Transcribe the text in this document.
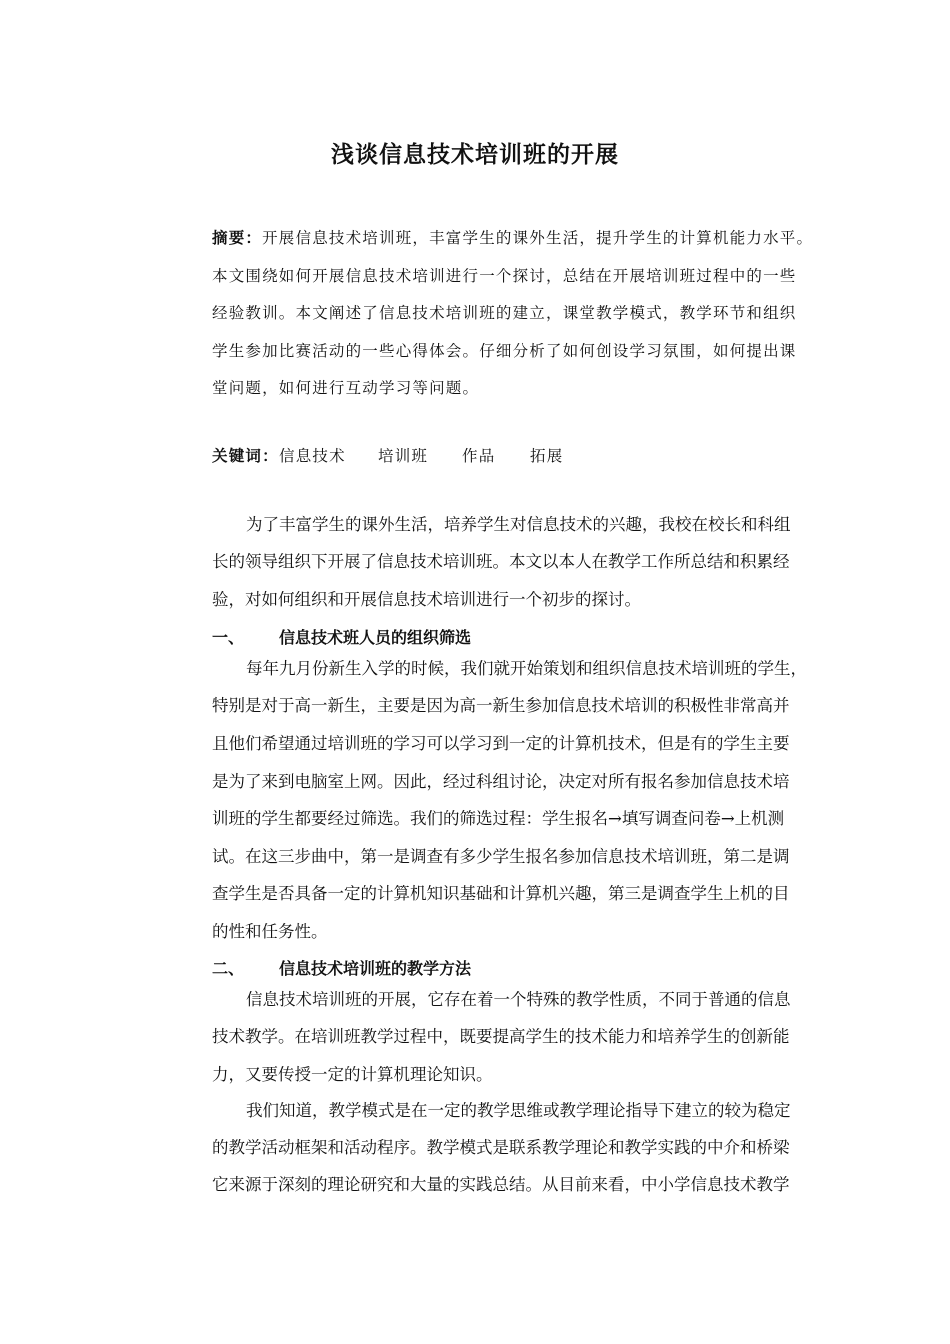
浅谈信息技术培训班的开展
摘要：开展信息技术培训班，丰富学生的课外生活，提升学生的计算机能力水平。
本文围绕如何开展信息技术培训进行一个探讨，总结在开展培训班过程中的一些
经验教训。本文阐述了信息技术培训班的建立，课堂教学模式，教学环节和组织
学生参加比赛活动的一些心得体会。仔细分析了如何创设学习氛围，如何提出课
堂问题，如何进行互动学习等问题。
关键词： 信息技术 培训班 作品 拓展
为了丰富学生的课外生活，培养学生对信息技术的兴趣，我校在校长和科组
长的领导组织下开展了信息技术培训班。本文以本人在教学工作所总结和积累经
验，对如何组织和开展信息技术培训进行一个初步的探讨。
一、 信息技术班人员的组织筛选
每年九月份新生入学的时候，我们就开始策划和组织信息技术培训班的学生，
特别是对于高一新生，主要是因为高一新生参加信息技术培训的积极性非常高并
且他们希望通过培训班的学习可以学习到一定的计算机技术，但是有的学生主要
是为了来到电脑室上网。因此，经过科组讨论，决定对所有报名参加信息技术培
训班的学生都要经过筛选。我们的筛选过程：学生报名→填写调查问卷→上机测
试。在这三步曲中，第一是调查有多少学生报名参加信息技术培训班，第二是调
查学生是否具备一定的计算机知识基础和计算机兴趣，第三是调查学生上机的目
的性和任务性。
二、 信息技术培训班的教学方法
信息技术培训班的开展，它存在着一个特殊的教学性质，不同于普通的信息
技术教学。在培训班教学过程中，既要提高学生的技术能力和培养学生的创新能
力，又要传授一定的计算机理论知识。
我们知道，教学模式是在一定的教学思维或教学理论指导下建立的较为稳定
的教学活动框架和活动程序。教学模式是联系教学理论和教学实践的中介和桥梁
它来源于深刻的理论研究和大量的实践总结。从目前来看，中小学信息技术教学
